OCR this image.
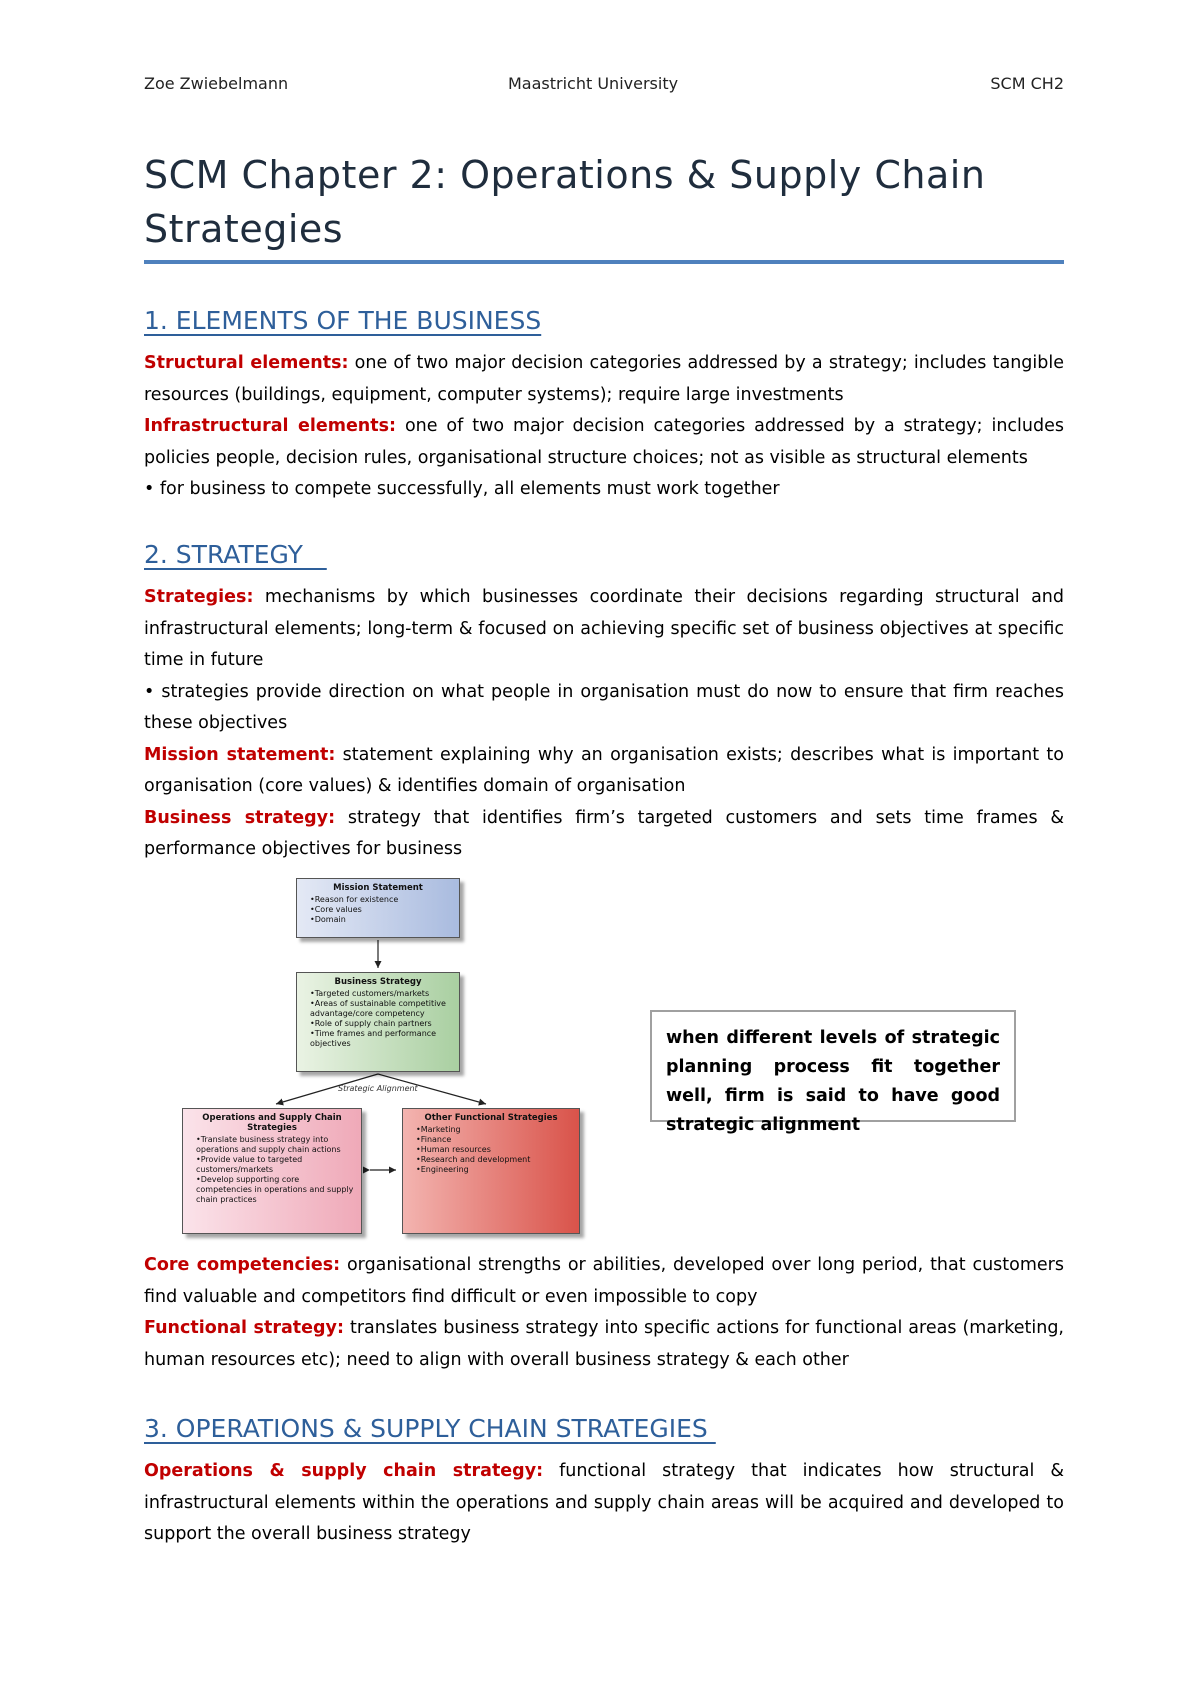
Zoe Zwiebelmann	Maastricht University	SCM CH2
SCM Chapter 2: Operations & Supply Chain Strategies
1. ELEMENTS OF THE BUSINESS

Structural elements: one of two major decision categories addressed by a strategy; includes tangible resources (buildings, equipment, computer systems); require large investments

Infrastructural elements: one of two major decision categories addressed by a strategy; includes policies people, decision rules, organisational structure choices; not as visible as structural elements

• for business to compete successfully, all elements must work together

2. STRATEGY

Strategies: mechanisms by which businesses coordinate their decisions regarding structural and infrastructural elements; long-term & focused on achieving specific set of business objectives at specific time in future

• strategies provide direction on what people in organisation must do now to ensure that firm reaches these objectives

Mission statement: statement explaining why an organisation exists; describes what is important to organisation (core values) & identifies domain of organisation

Business strategy: strategy that identifies firm’s targeted customers and sets time frames & performance objectives for business

Mission Statement
• Reason for existence
• Core values
• Domain
Business Strategy
• Targeted customers/markets
• Areas of sustainable competitive advantage/core competency
• Role of supply chain partners
• Time frames and performance objectives
Strategic Alignment
Operations and Supply Chain Strategies
• Translate business strategy into operations and supply chain actions
• Provide value to targeted customers/markets
• Develop supporting core competencies in operations and supply chain practices
Other Functional Strategies
• Marketing
• Finance
• Human resources
• Research and development
• Engineering
when different levels of strategic planning process fit together well, firm is said to have good strategic alignment

Core competencies: organisational strengths or abilities, developed over long period, that customers find valuable and competitors find difficult or even impossible to copy

Functional strategy: translates business strategy into specific actions for functional areas (marketing, human resources etc); need to align with overall business strategy & each other

3. OPERATIONS & SUPPLY CHAIN STRATEGIES

Operations & supply chain strategy: functional strategy that indicates how structural & infrastructural elements within the operations and supply chain areas will be acquired and developed to support the overall business strategy
